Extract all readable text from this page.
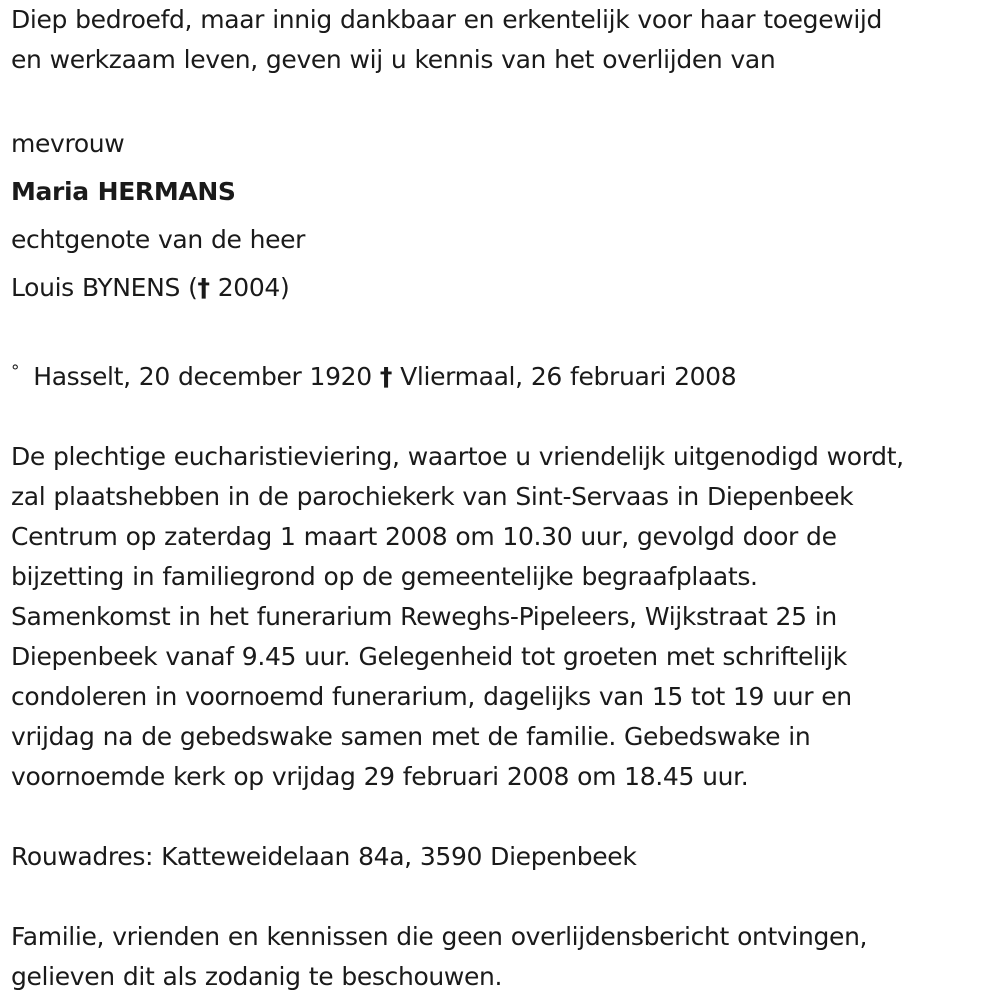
Diep bedroefd, maar innig dankbaar en erkentelijk voor haar toegewijd

en werkzaam leven, geven wij u kennis van het overlijden van

mevrouw

Maria HERMANS

echtgenote van de heer

Louis BYNENS († 2004)

° Hasselt, 20 december 1920 † Vliermaal, 26 februari 2008

De plechtige eucharistieviering, waartoe u vriendelijk uitgenodigd wordt,

zal plaatshebben in de parochiekerk van Sint-Servaas in Diepenbeek

Centrum op zaterdag 1 maart 2008 om 10.30 uur, gevolgd door de

bijzetting in familiegrond op de gemeentelijke begraafplaats.

Samenkomst in het funerarium Reweghs-Pipeleers, Wijkstraat 25 in

Diepenbeek vanaf 9.45 uur. Gelegenheid tot groeten met schriftelijk

condoleren in voornoemd funerarium, dagelijks van 15 tot 19 uur en

vrijdag na de gebedswake samen met de familie. Gebedswake in

voornoemde kerk op vrijdag 29 februari 2008 om 18.45 uur.

Rouwadres: Katteweidelaan 84a, 3590 Diepenbeek

Familie, vrienden en kennissen die geen overlijdensbericht ontvingen,

gelieven dit als zodanig te beschouwen.
